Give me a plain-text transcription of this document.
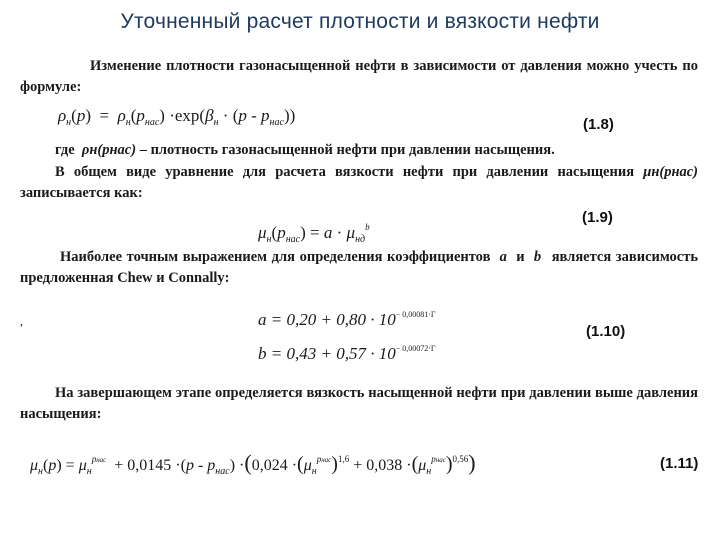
Уточненный расчет плотности и вязкости нефти
Изменение плотности газонасыщенной нефти в зависимости от давления можно учесть по формуле:
$\rho_н(p) = \rho_н(p_{нас}) \cdot\exp(\beta_н \cdot (p - p_{нас}))$	(1.8)
где ρн(pнас) – плотность газонасыщенной нефти при давлении насыщения.
В общем виде уравнение для расчета вязкости нефти при давлении насыщения μн(pнас) записывается как:
$\mu_н(p_{нас}) = a \cdot \mu_{нд}^b$
(1.9)
Наиболее точным выражением для определения коэффициентов a и b является зависимость предложенная Chew и Connally:
,	$a = 0,20 + 0,80 \cdot 10^{- 0,00081\cdot Г}$
$b = 0,43 + 0,57 \cdot 10^{- 0,00072\cdot Г}$
(1.10)
На завершающем этапе определяется вязкость насыщенной нефти при давлении выше давления насыщения:
$\mu_н(p) = \mu_н^{pнас} + 0,0145 \cdot(p - p_{нас}) \cdot(0,024 \cdot(\mu_н^{pнас})^{1,6} + 0,038 \cdot(\mu_н^{pнас})^{0,56})$	(1.11)
